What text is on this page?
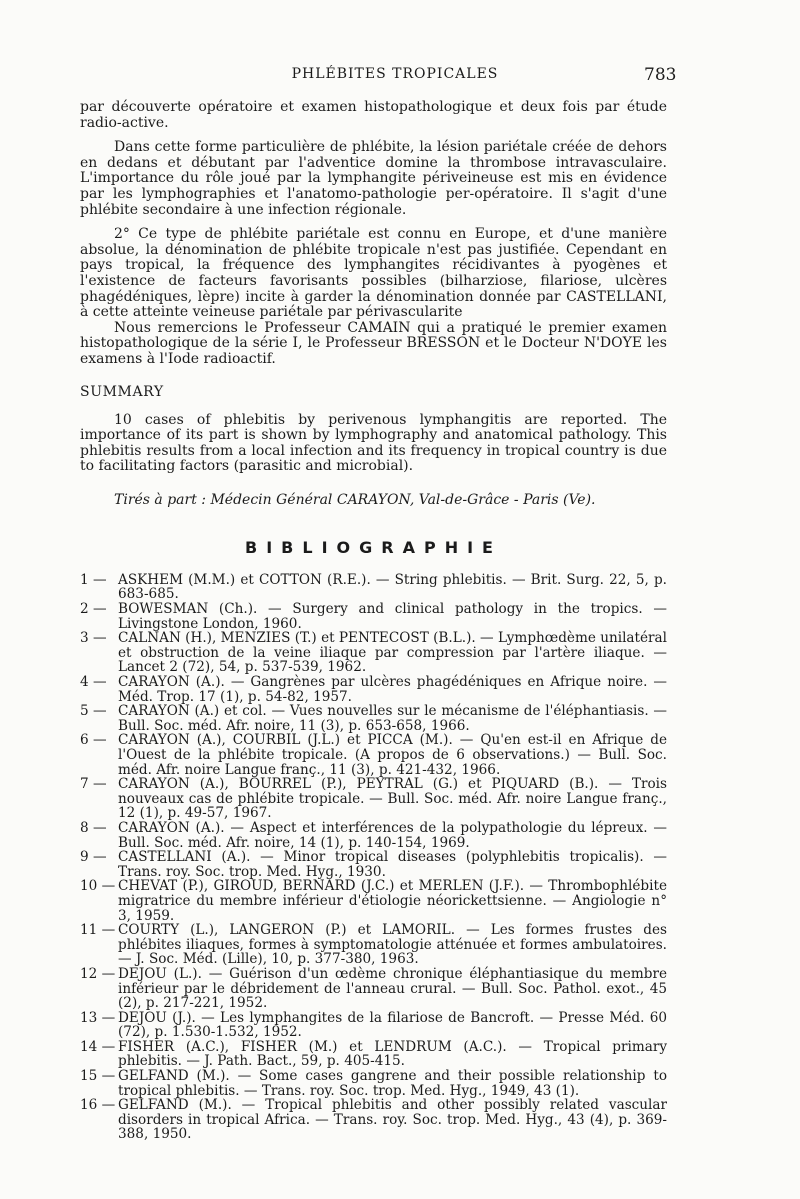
PHLÉBITES TROPICALES	783

par découverte opératoire et examen histopathologique et deux fois par étude radio-active.

Dans cette forme particulière de phlébite, la lésion pariétale créée de dehors en dedans et débutant par l'adventice domine la thrombose intravasculaire. L'importance du rôle joué par la lymphangite périveineuse est mis en évidence par les lymphographies et l'anatomo-pathologie per-opératoire. Il s'agit d'une phlébite secondaire à une infection régionale.

2° Ce type de phlébite pariétale est connu en Europe, et d'une manière absolue, la dénomination de phlébite tropicale n'est pas justifiée. Cependant en pays tropical, la fréquence des lymphangites récidivantes à pyogènes et l'existence de facteurs favorisants possibles (bilharziose, filariose, ulcères phagédéniques, lèpre) incite à garder la dénomination donnée par CASTELLANI, à cette atteinte veineuse pariétale par périvascularite

Nous remercions le Professeur CAMAIN qui a pratiqué le premier examen histopathologique de la série I, le Professeur BRESSON et le Docteur N'DOYE les examens à l'Iode radioactif.

SUMMARY

10 cases of phlebitis by perivenous lymphangitis are reported. The importance of its part is shown by lymphography and anatomical pathology. This phlebitis results from a local infection and its frequency in tropical country is due to facilitating factors (parasitic and microbial).

Tirés à part : Médecin Général CARAYON, Val-de-Grâce - Paris (Ve).
BIBLIOGRAPHIE
1 — ASKHEM (M.M.) et COTTON (R.E.). — String phlebitis. — Brit. Surg. 22, 5, p. 683-685.
2 — BOWESMAN (Ch.). — Surgery and clinical pathology in the tropics. — Livingstone London, 1960.
3 — CALNAN (H.), MENZIES (T.) et PENTECOST (B.L.). — Lymphœdème unilatéral et obstruction de la veine iliaque par compression par l'artère iliaque. — Lancet 2 (72), 54, p. 537-539, 1962.
4 — CARAYON (A.). — Gangrènes par ulcères phagédéniques en Afrique noire. — Méd. Trop. 17 (1), p. 54-82, 1957.
5 — CARAYON (A.) et col. — Vues nouvelles sur le mécanisme de l'éléphantiasis. — Bull. Soc. méd. Afr. noire, 11 (3), p. 653-658, 1966.
6 — CARAYON (A.), COURBIL (J.L.) et PICCA (M.). — Qu'en est-il en Afrique de l'Ouest de la phlébite tropicale. (A propos de 6 observations.) — Bull. Soc. méd. Afr. noire Langue franç., 11 (3), p. 421-432, 1966.
7 — CARAYON (A.), BOURREL (P.), PEYTRAL (G.) et PIQUARD (B.). — Trois nouveaux cas de phlébite tropicale. — Bull. Soc. méd. Afr. noire Langue franç., 12 (1), p. 49-57, 1967.
8 — CARAYON (A.). — Aspect et interférences de la polypathologie du lépreux. — Bull. Soc. méd. Afr. noire, 14 (1), p. 140-154, 1969.
9 — CASTELLANI (A.). — Minor tropical diseases (polyphlebitis tropicalis). — Trans. roy. Soc. trop. Med. Hyg., 1930.
10 — CHEVAT (P.), GIROUD, BERNARD (J.C.) et MERLEN (J.F.). — Thrombophlébite migratrice du membre inférieur d'étiologie néorickettsienne. — Angiologie n° 3, 1959.
11 — COURTY (L.), LANGERON (P.) et LAMORIL. — Les formes frustes des phlébites iliaques, formes à symptomatologie atténuée et formes ambulatoires. — J. Soc. Méd. (Lille), 10, p. 377-380, 1963.
12 — DEJOU (L.). — Guérison d'un œdème chronique éléphantiasique du membre inférieur par le débridement de l'anneau crural. — Bull. Soc. Pathol. exot., 45 (2), p. 217-221, 1952.
13 — DEJOU (J.). — Les lymphangites de la filariose de Bancroft. — Presse Méd. 60 (72), p. 1.530-1.532, 1952.
14 — FISHER (A.C.), FISHER (M.) et LENDRUM (A.C.). — Tropical primary phlebitis. — J. Path. Bact., 59, p. 405-415.
15 — GELFAND (M.). — Some cases gangrene and their possible relationship to tropical phlebitis. — Trans. roy. Soc. trop. Med. Hyg., 1949, 43 (1).
16 — GELFAND (M.). — Tropical phlebitis and other possibly related vascular disorders in tropical Africa. — Trans. roy. Soc. trop. Med. Hyg., 43 (4), p. 369-388, 1950.
